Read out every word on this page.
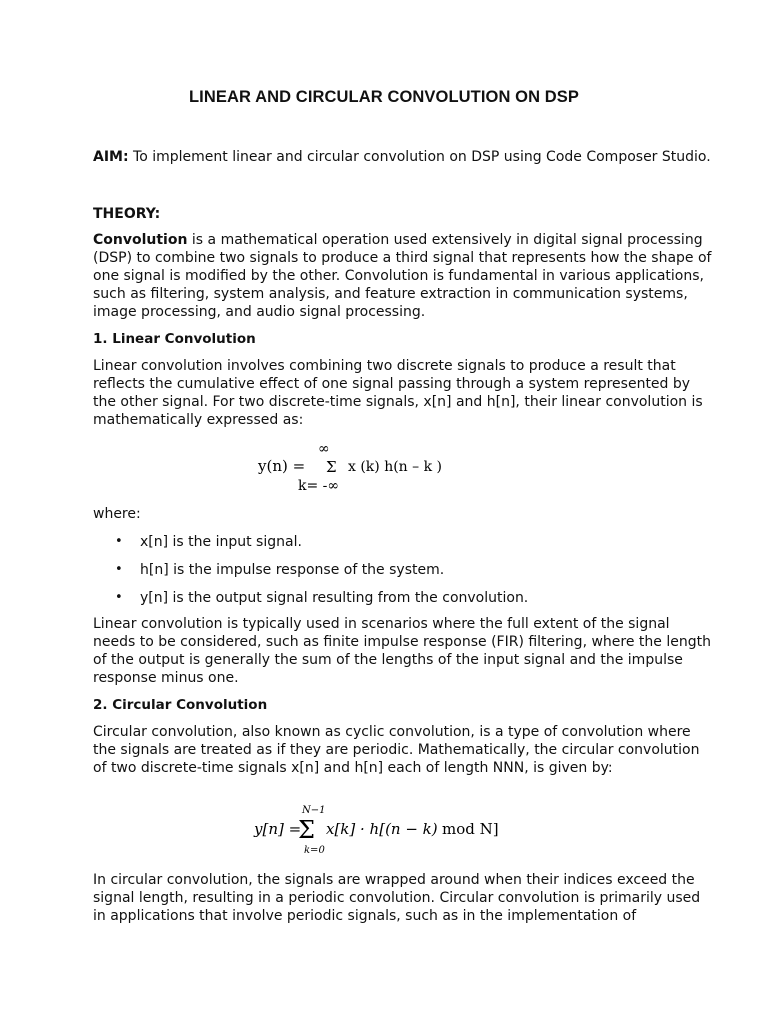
LINEAR AND CIRCULAR CONVOLUTION ON DSP
AIM: To implement linear and circular convolution on DSP using Code Composer Studio.
THEORY:
Convolution is a mathematical operation used extensively in digital signal processing
(DSP) to combine two signals to produce a third signal that represents how the shape of
one signal is modified by the other. Convolution is fundamental in various applications,
such as filtering, system analysis, and feature extraction in communication systems,
image processing, and audio signal processing.
1. Linear Convolution
Linear convolution involves combining two discrete signals to produce a result that
reflects the cumulative effect of one signal passing through a system represented by
the other signal. For two discrete-time signals, x[n] and h[n], their linear convolution is
mathematically expressed as:
∞
y(n) = Σ x (k) h(n – k )
k= -∞
where:
• x[n] is the input signal.
• h[n] is the impulse response of the system.
• y[n] is the output signal resulting from the convolution.
Linear convolution is typically used in scenarios where the full extent of the signal
needs to be considered, such as finite impulse response (FIR) filtering, where the length
of the output is generally the sum of the lengths of the input signal and the impulse
response minus one.
2. Circular Convolution
Circular convolution, also known as cyclic convolution, is a type of convolution where
the signals are treated as if they are periodic. Mathematically, the circular convolution
of two discrete-time signals x[n] and h[n] each of length NNN, is given by:
N−1
y[n] =
Σ x[k] · h[(n − k) mod N]
k=0
In circular convolution, the signals are wrapped around when their indices exceed the
signal length, resulting in a periodic convolution. Circular convolution is primarily used
in applications that involve periodic signals, such as in the implementation of
